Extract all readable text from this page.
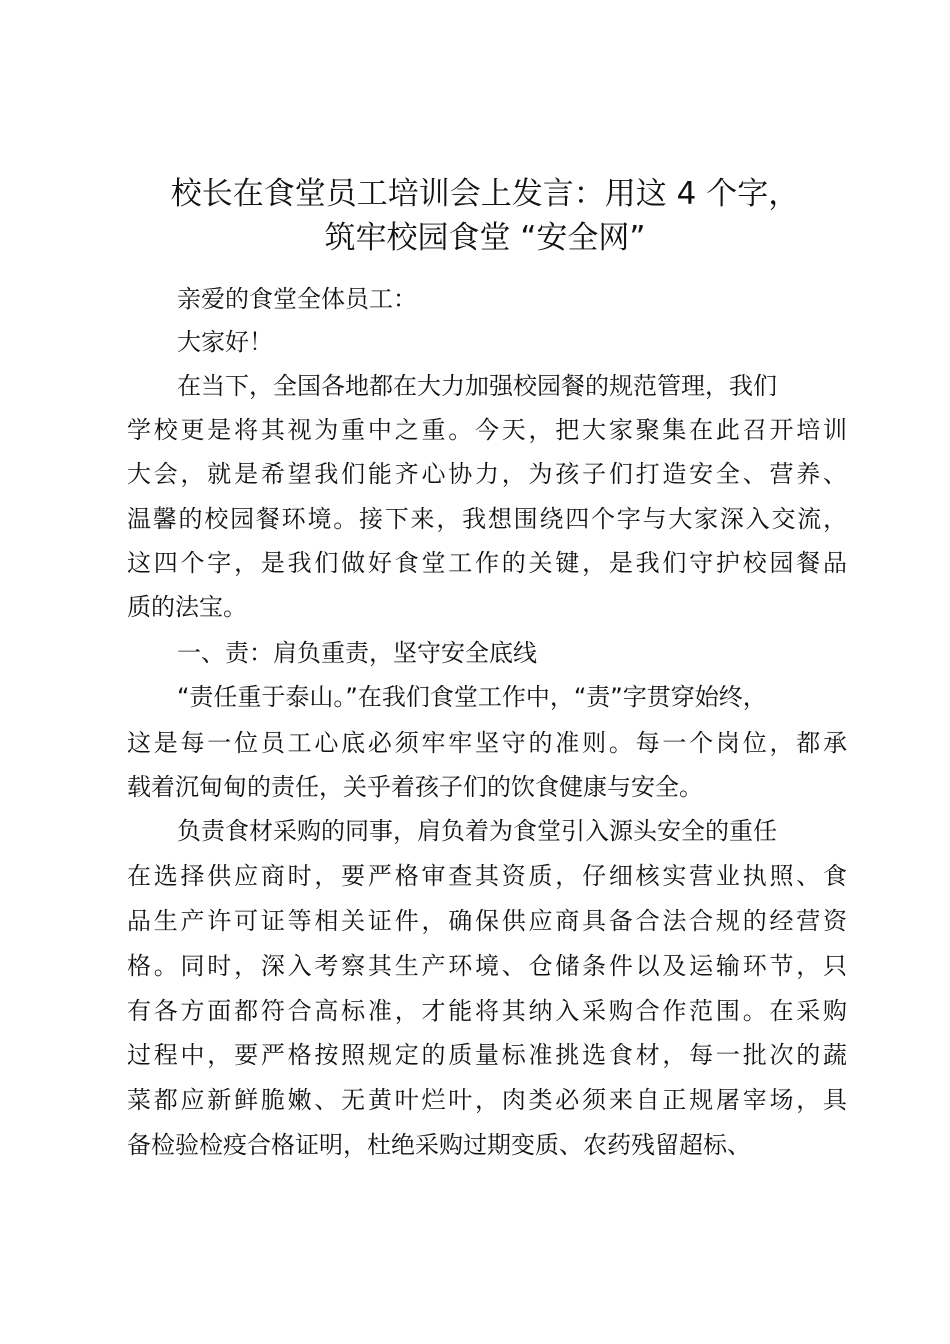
校长在食堂员工培训会上发言：用这 4 个字，
筑牢校园食堂 “安全网”
亲爱的食堂全体员工：
大家好！
在当下，全国各地都在大力加强校园餐的规范管理，我们
学校更是将其视为重中之重。今天，把大家聚集在此召开培训
大会，就是希望我们能齐心协力，为孩子们打造安全、营养、
温馨的校园餐环境。接下来，我想围绕四个字与大家深入交流，
这四个字，是我们做好食堂工作的关键，是我们守护校园餐品
质的法宝。
一、责：肩负重责，坚守安全底线
“责任重于泰山。”在我们食堂工作中，“责”字贯穿始终，
这是每一位员工心底必须牢牢坚守的准则。每一个岗位，都承
载着沉甸甸的责任，关乎着孩子们的饮食健康与安全。
负责食材采购的同事，肩负着为食堂引入源头安全的重任
在选择供应商时，要严格审查其资质，仔细核实营业执照、食
品生产许可证等相关证件，确保供应商具备合法合规的经营资
格。同时，深入考察其生产环境、仓储条件以及运输环节，只
有各方面都符合高标准，才能将其纳入采购合作范围。在采购
过程中，要严格按照规定的质量标准挑选食材，每一批次的蔬
菜都应新鲜脆嫩、无黄叶烂叶，肉类必须来自正规屠宰场，具
备检验检疫合格证明，杜绝采购过期变质、农药残留超标、
